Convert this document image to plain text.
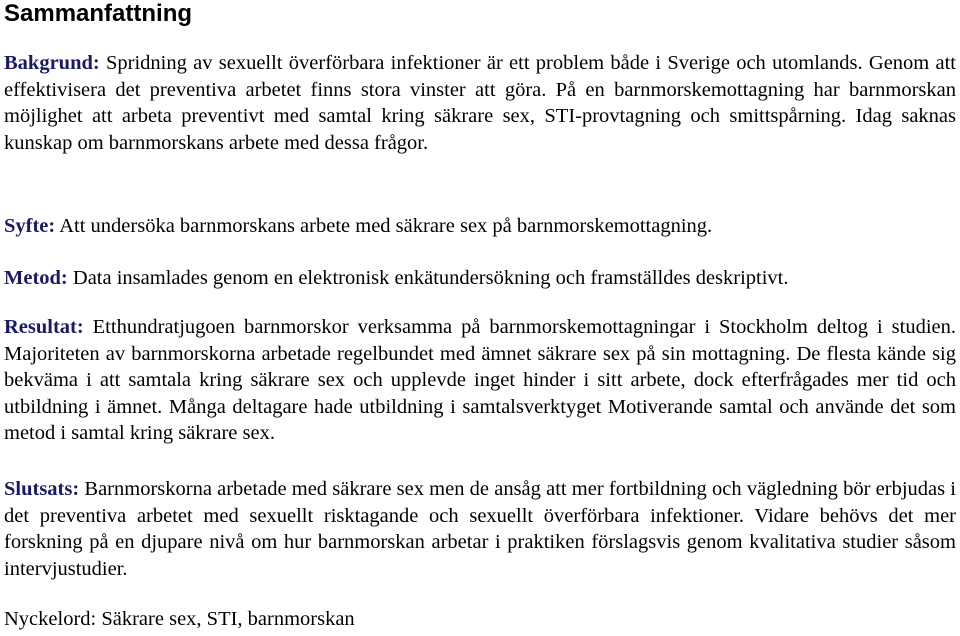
Sammanfattning

Bakgrund: Spridning av sexuellt överförbara infektioner är ett problem både i Sverige och utomlands. Genom att effektivisera det preventiva arbetet finns stora vinster att göra. På en barnmorskemottagning har barnmorskan möjlighet att arbeta preventivt med samtal kring säkrare sex, STI-provtagning och smittspårning. Idag saknas kunskap om barnmorskans arbete med dessa frågor.

Syfte: Att undersöka barnmorskans arbete med säkrare sex på barnmorskemottagning.

Metod: Data insamlades genom en elektronisk enkätundersökning och framställdes deskriptivt.

Resultat: Etthundratjugoen barnmorskor verksamma på barnmorskemottagningar i Stockholm deltog i studien. Majoriteten av barnmorskorna arbetade regelbundet med ämnet säkrare sex på sin mottagning. De flesta kände sig bekväma i att samtala kring säkrare sex och upplevde inget hinder i sitt arbete, dock efterfrågades mer tid och utbildning i ämnet. Många deltagare hade utbildning i samtalsverktyget Motiverande samtal och använde det som metod i samtal kring säkrare sex.

Slutsats: Barnmorskorna arbetade med säkrare sex men de ansåg att mer fortbildning och vägledning bör erbjudas i det preventiva arbetet med sexuellt risktagande och sexuellt överförbara infektioner. Vidare behövs det mer forskning på en djupare nivå om hur barnmorskan arbetar i praktiken förslagsvis genom kvalitativa studier såsom intervjustudier.

Nyckelord: Säkrare sex, STI, barnmorskan
